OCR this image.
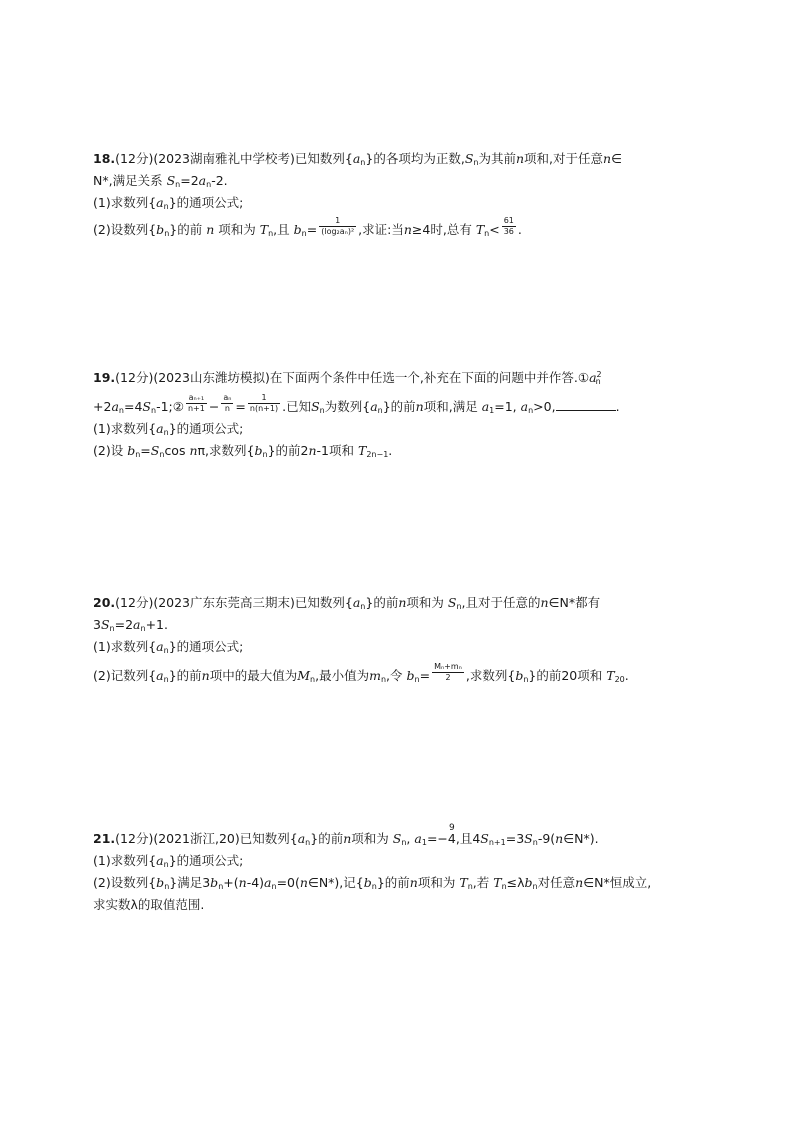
18.(12分)(2023湖南雅礼中学校考)已知数列$\{a_n\}$的各项均为正数$,S_n$为其前n项和,对于任意n∈
N*,满足关系 $S_n=2a_n-2$.
(1)求数列$\{a_n\}$的通项公式;
(2)设数列$\{b_n\}$的前 n 项和为 $T_n$,且 $b_n= \frac{1}{\text{(log₂aₙ)²}}$ ,求证:当n≥4时,总有 $T_n< \frac{61}{36}$ .
19.(12分)(2023山东潍坊模拟)在下面两个条件中任选一个,补充在下面的问题中并作答$.①a^2_n$
$+2a_n=4S_n-1;② \frac{\text{aₙ₊₁}}{n+1} - \frac{\text{aₙ}}{n} = \frac{1}{n(n+1)}$ .已知$S_n$为数列$\{a_n\}$的前n项和,满足 $a_1=1$, $a_n>0$,	.
(1)求数列$\{a_n\}$的通项公式;
(2)设 $b_n=S_n\cos$ nπ,求数列$\{b_n\}$的前2n-1项和 $T_{2n-1}$.
20.(12分)(2023广东东莞高三期末)已知数列$\{a_n\}$的前n项和为 $S_n$,且对于任意的n∈N*都有
$3S_n=2a_n+1$.
(1)求数列$\{a_n\}$的通项公式;
(2)记数列$\{a_n\}$的前n项中的最大值为$M_n$,最小值为$m_n$,令 $b_n= \frac{\text{Mₙ+mₙ}}{2}$ ,求数列$\{b_n\}$的前20项和 $T_{20}$.
21.(12分)(2021浙江,20)已知数列$\{a_n\}$的前n项和为 $S_n$, $a_1=-$
9
4,且$4S_{n+1}=3S_n-9(n\in N*)$.
(1)求数列$\{a_n\}$的通项公式;
(2)设数列$\{b_n\}$满足$3b_n+(n-4)a_n=0(n\in N*)$,记$\{b_n\}$的前n项和为 $T_n$,若 $T_n\le\lambda b_n$对任意n∈N*恒成立,
求实数λ的取值范围.
